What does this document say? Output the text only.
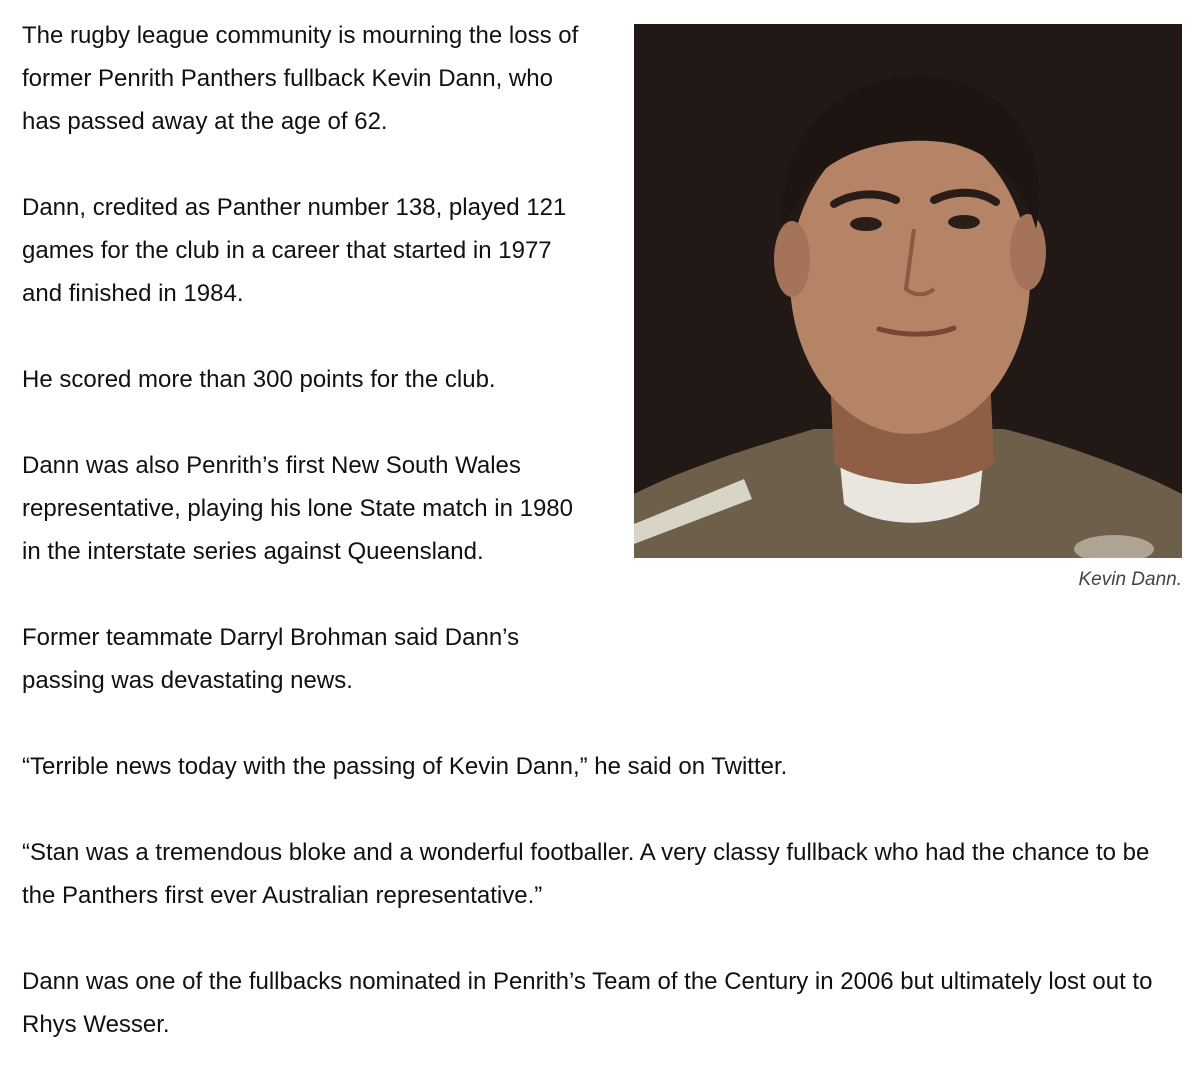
Kevin Dann.

The rugby league community is mourning the loss of former Penrith Panthers fullback Kevin Dann, who has passed away at the age of 62.

Dann, credited as Panther number 138, played 121 games for the club in a career that started in 1977 and finished in 1984.

He scored more than 300 points for the club.

Dann was also Penrith’s first New South Wales representative, playing his lone State match in 1980 in the interstate series against Queensland.

Former teammate Darryl Brohman said Dann’s passing was devastating news.

“Terrible news today with the passing of Kevin Dann,” he said on Twitter.

“Stan was a tremendous bloke and a wonderful footballer. A very classy fullback who had the chance to be the Panthers first ever Australian representative.”

Dann was one of the fullbacks nominated in Penrith’s Team of the Century in 2006 but ultimately lost out to Rhys Wesser.
